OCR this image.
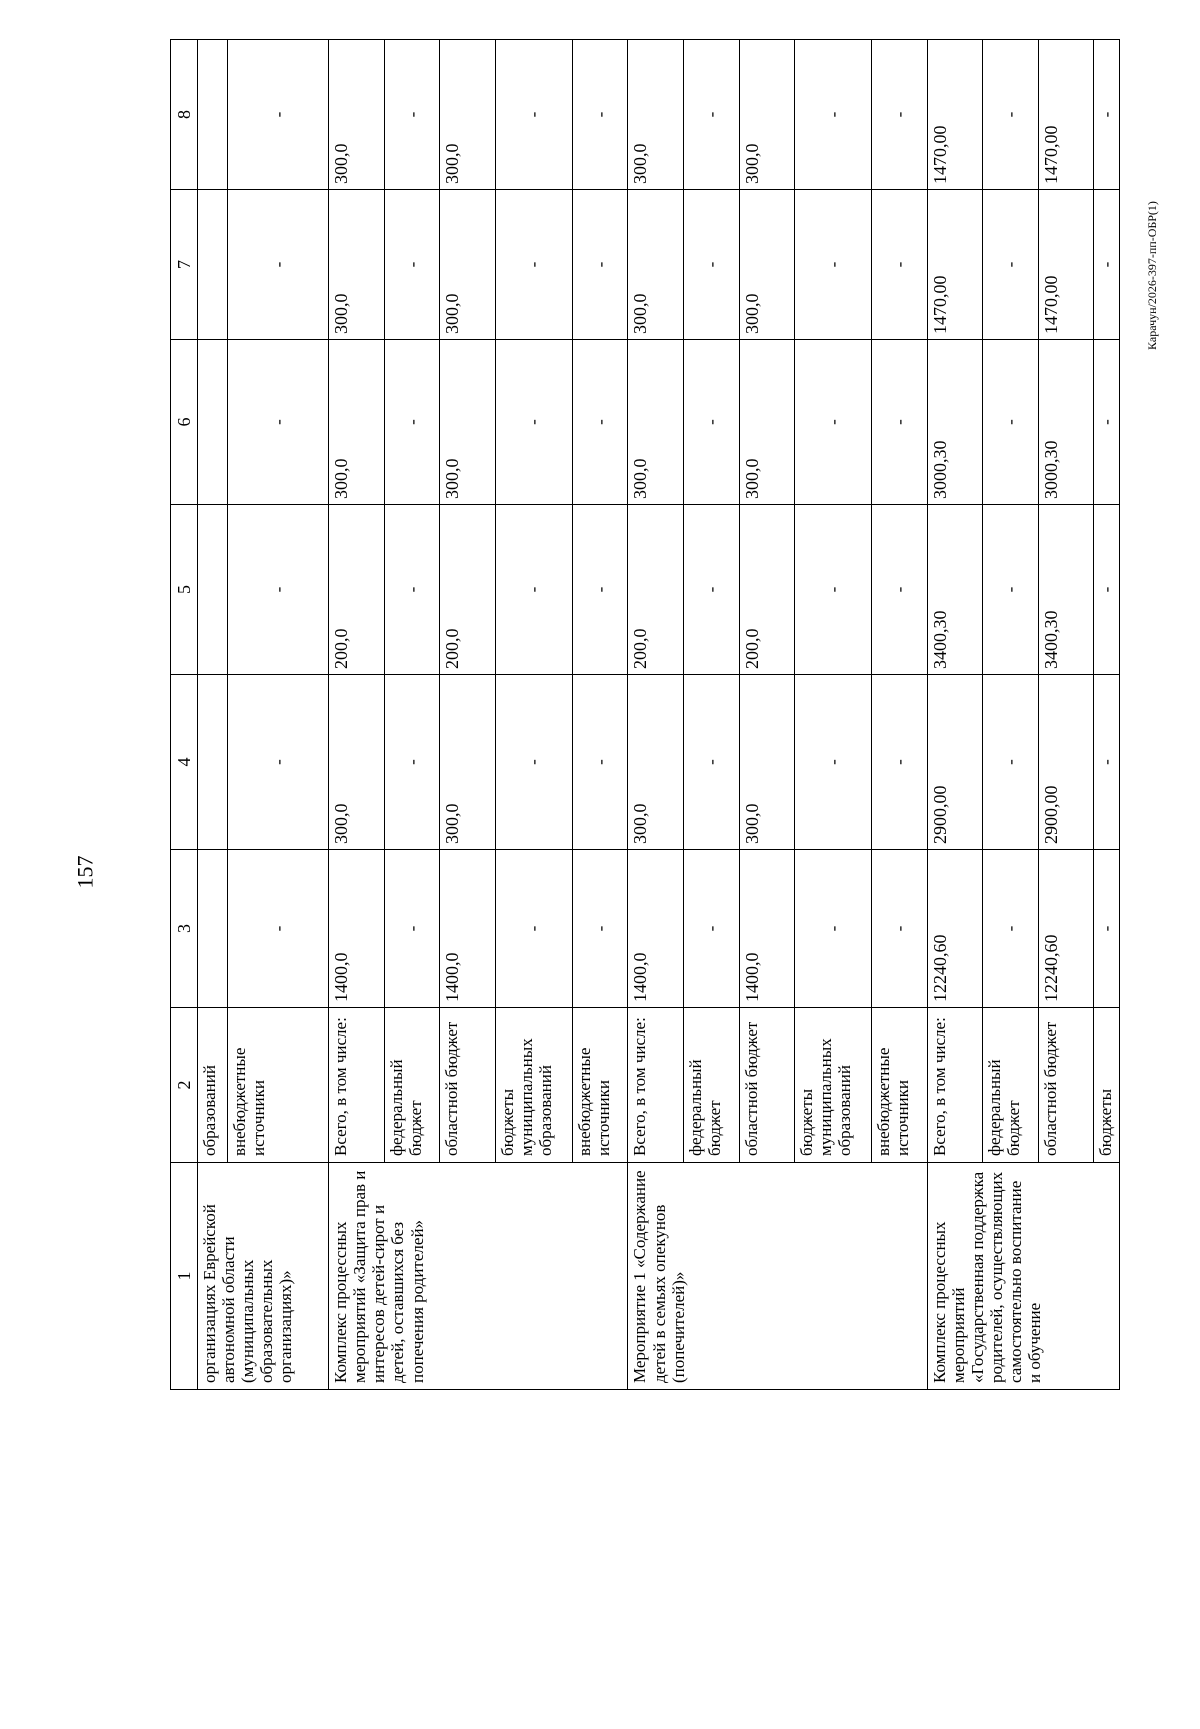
157
Карачун/2026-397-пп-ОБР(1)
1	2	3	4	5	6	7	8
организациях Еврейской автономной области (муниципальных образовательных организациях)»	образований						
	внебюджетные источники	-	-	-	-	-	-
Комплекс процессных мероприятий «Защита прав и интересов детей-сирот и детей, оставшихся без попечения родителей»	Всего, в том числе:	1400,0	300,0	200,0	300,0	300,0	300,0
	федеральный бюджет	-	-	-	-	-	-
	областной бюджет	1400,0	300,0	200,0	300,0	300,0	300,0
	бюджеты муниципальных образований	-	-	-	-	-	-
	внебюджетные источники	-	-	-	-	-	-
Мероприятие 1 «Содержание детей в семьях опекунов (попечителей)»	Всего, в том числе:	1400,0	300,0	200,0	300,0	300,0	300,0
	федеральный бюджет	-	-	-	-	-	-
	областной бюджет	1400,0	300,0	200,0	300,0	300,0	300,0
	бюджеты муниципальных образований	-	-	-	-	-	-
	внебюджетные источники	-	-	-	-	-	-
Комплекс процессных мероприятий «Государственная поддержка родителей, осуществляющих самостоятельно воспитание и обучение	Всего, в том числе:	12240,60	2900,00	3400,30	3000,30	1470,00	1470,00
	федеральный бюджет	-	-	-	-	-	-
	областной бюджет	12240,60	2900,00	3400,30	3000,30	1470,00	1470,00
	бюджеты	-	-	-	-	-	-
